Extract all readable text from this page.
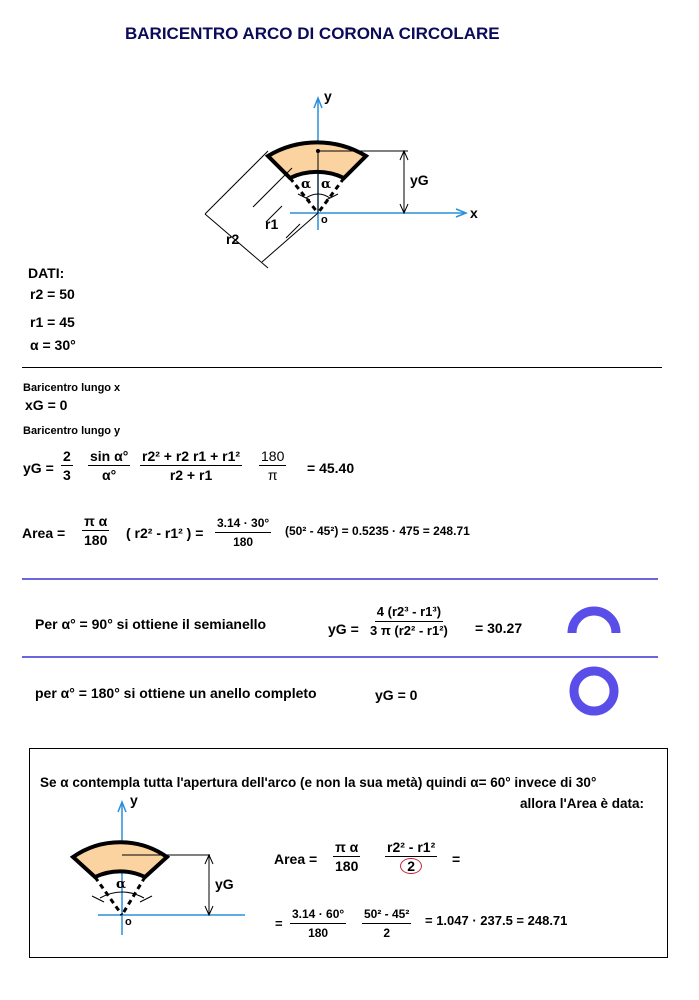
BARICENTRO ARCO DI CORONA CIRCOLARE
y
x
yG
r1
r2
o
α α
DATI:
r2 = 50
r1 = 45
α = 30°
Baricentro lungo x
xG = 0
Baricentro lungo y
yG = $\frac{2}{3} \frac{\text{sin α°}}{\alpha^\circ} \frac{\text{r2² + r2 r1 + r1²}}{r2 + r1} \frac{180}{\pi} = 45.40$
Area = $\frac{\text{π α}}{180}$ ( r2² - r1² ) = $\frac{3.14 \cdot 30^\circ}{180} (50^2 - 45^2) = 0.5235 \cdot 475 = 248.71$
Per α° = 90° si ottiene il semianello	yG = $\frac{\text{4 (r2³ - r1³)}}{\text{3 π (r2² - r1²)}} = 30.27$
per α° = 180° si ottiene un anello completo	yG = 0
Se α contempla tutta l'apertura dell'arco (e non la sua metà) quindi α= 60° invece di 30°
allora l'Area è data:
y
yG
o
α
Area = $\frac{\text{π α}}{180} \frac{\text{r2² - r1²}}{2}$ =
= $\frac{3.14 \cdot 60^\circ}{180} \frac{\text{50² - 45²}}{2} = 1.047 \cdot 237.5 = 248.71$
